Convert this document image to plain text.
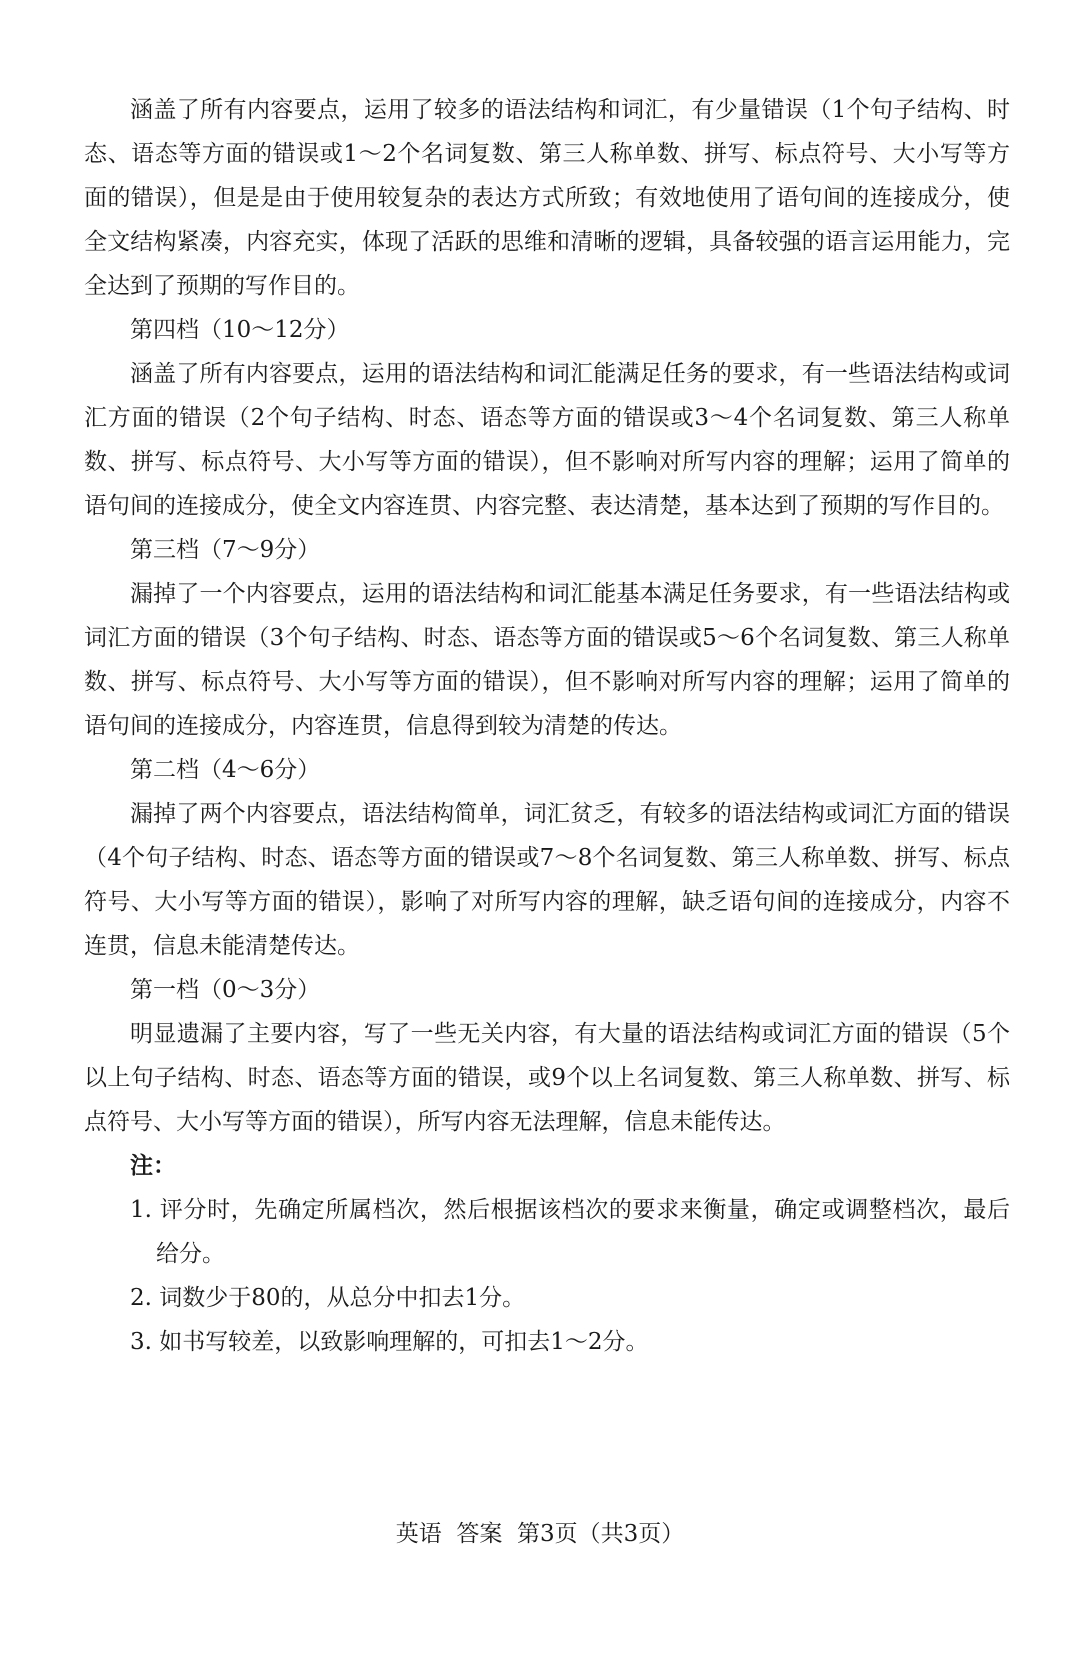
涵盖了所有内容要点，运用了较多的语法结构和词汇，有少量错误（1个句子结构、时态、语态等方面的错误或1～2个名词复数、第三人称单数、拼写、标点符号、大小写等方面的错误），但是是由于使用较复杂的表达方式所致；有效地使用了语句间的连接成分，使全文结构紧凑，内容充实，体现了活跃的思维和清晰的逻辑，具备较强的语言运用能力，完全达到了预期的写作目的。

第四档（10～12分）

涵盖了所有内容要点，运用的语法结构和词汇能满足任务的要求，有一些语法结构或词汇方面的错误（2个句子结构、时态、语态等方面的错误或3～4个名词复数、第三人称单数、拼写、标点符号、大小写等方面的错误），但不影响对所写内容的理解；运用了简单的语句间的连接成分，使全文内容连贯、内容完整、表达清楚，基本达到了预期的写作目的。

第三档（7～9分）

漏掉了一个内容要点，运用的语法结构和词汇能基本满足任务要求，有一些语法结构或词汇方面的错误（3个句子结构、时态、语态等方面的错误或5～6个名词复数、第三人称单数、拼写、标点符号、大小写等方面的错误），但不影响对所写内容的理解；运用了简单的语句间的连接成分，内容连贯，信息得到较为清楚的传达。

第二档（4～6分）

漏掉了两个内容要点，语法结构简单，词汇贫乏，有较多的语法结构或词汇方面的错误（4个句子结构、时态、语态等方面的错误或7～8个名词复数、第三人称单数、拼写、标点符号、大小写等方面的错误），影响了对所写内容的理解，缺乏语句间的连接成分，内容不连贯，信息未能清楚传达。

第一档（0～3分）

明显遗漏了主要内容，写了一些无关内容，有大量的语法结构或词汇方面的错误（5个以上句子结构、时态、语态等方面的错误，或9个以上名词复数、第三人称单数、拼写、标点符号、大小写等方面的错误），所写内容无法理解，信息未能传达。

注：

1. 评分时，先确定所属档次，然后根据该档次的要求来衡量，确定或调整档次，最后给分。

2. 词数少于80的，从总分中扣去1分。

3. 如书写较差，以致影响理解的，可扣去1～2分。

英语  答案  第3页（共3页）
